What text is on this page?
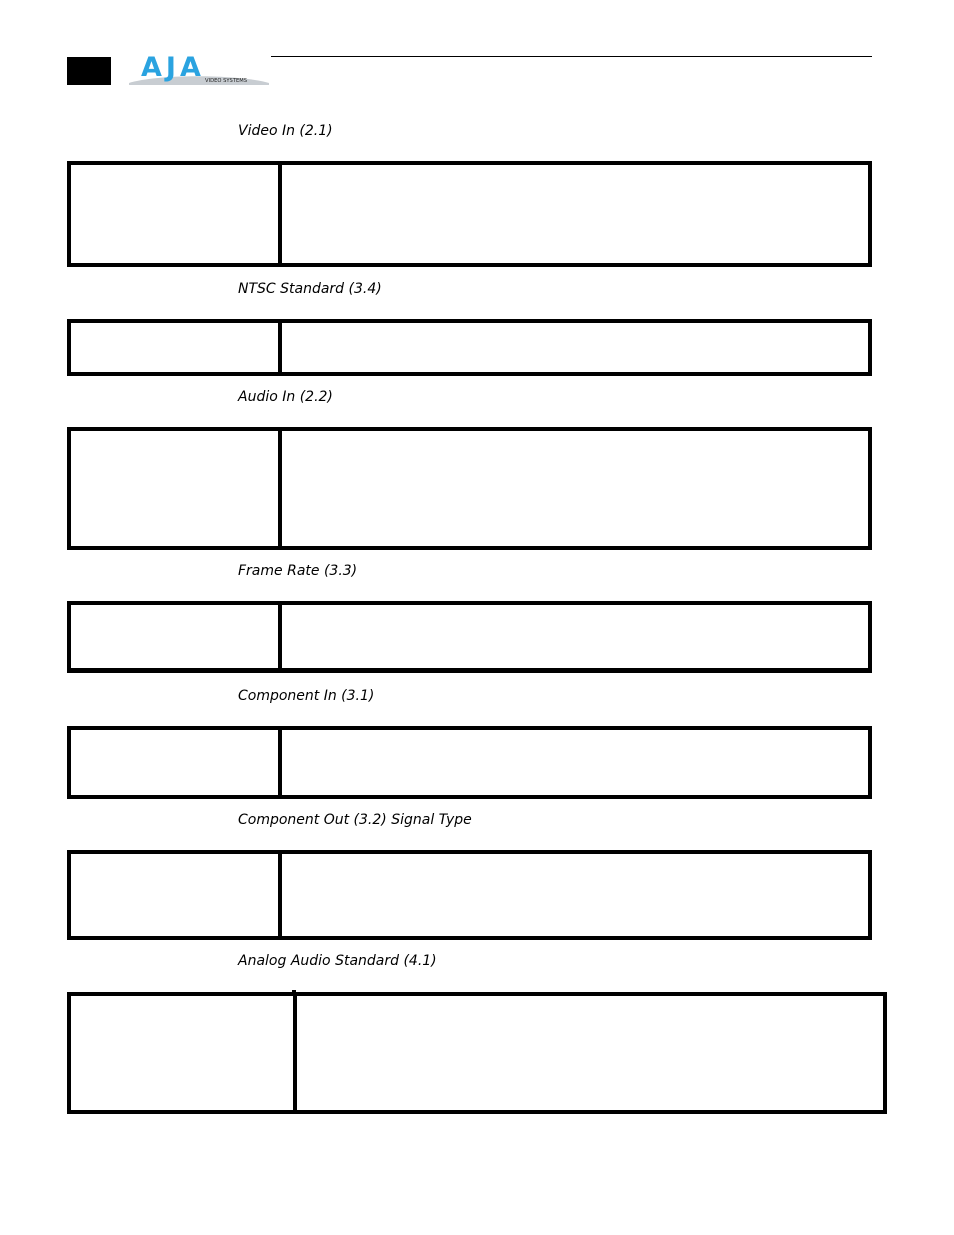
AJA VIDEO SYSTEMS
Video In (2.1)
NTSC Standard (3.4)
Audio In (2.2)
Frame Rate (3.3)
Component In (3.1)
Component Out (3.2) Signal Type
Analog Audio Standard (4.1)
